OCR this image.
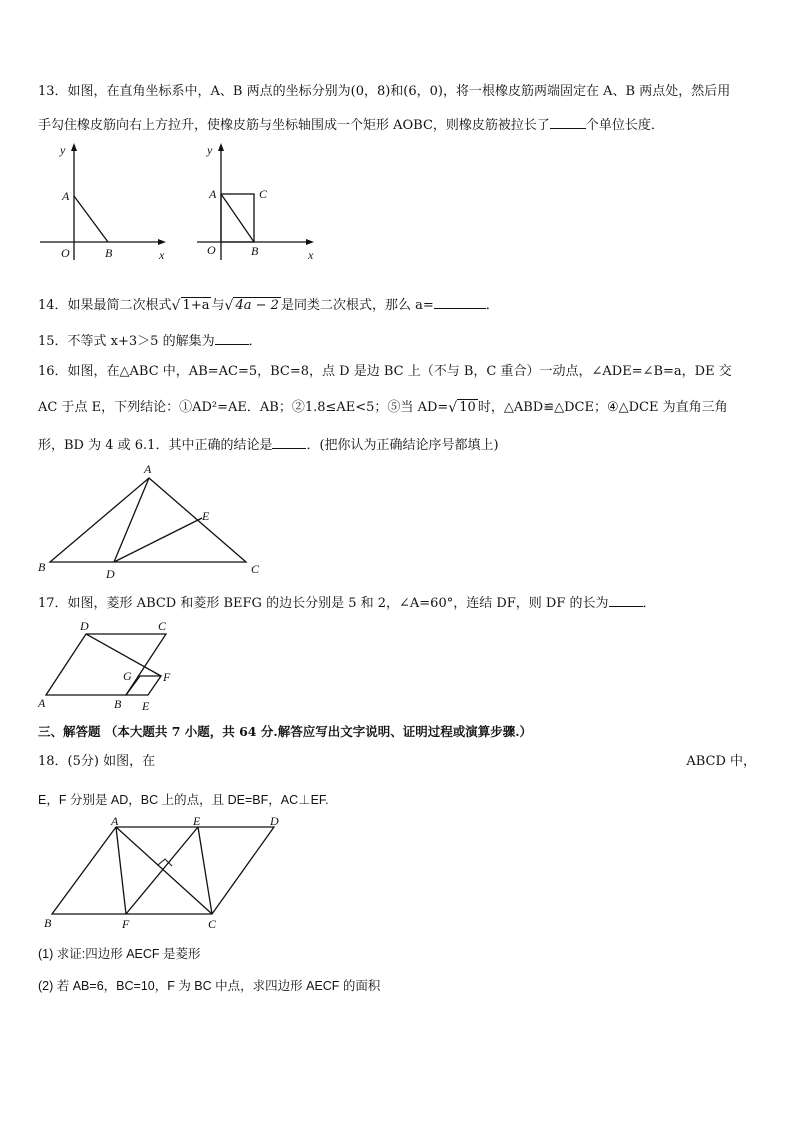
13．如图，在直角坐标系中，A、B 两点的坐标分别为(0，8)和(6，0)，将一根橡皮筋两端固定在 A、B 两点处，然后用
手勾住橡皮筋向右上方拉升，使橡皮筋与坐标轴围成一个矩形 AOBC，则橡皮筋被拉长了	个单位长度．
y
A
O	B	x
y
A	C
O	B	x
14．如果最简二次根式 √ 1+a 与 √ 4a − 2 是同类二次根式，那么 a=	．
15．不等式 x+3＞5 的解集为	．
16．如图，在△ABC 中，AB=AC=5，BC=8，点 D 是边 BC 上（不与 B，C 重合）一动点，∠ADE=∠B=a，DE 交
AC 于点 E，下列结论：①AD²=AE．AB；②1.8≤AE<5；⑤当 AD= √ 10 时，△ABD≌△DCE；④△DCE 为直角三角
形，BD 为 4 或 6.1．其中正确的结论是	．(把你认为正确结论序号都填上)
A
B	C
D
E
17．如图，菱形 ABCD 和菱形 BEFG 的边长分别是 5 和 2，∠A=60°，连结 DF，则 DF 的长为	．
D	C
A	B E
G	F
三、解答题 （本大题共 7 小题，共 64 分.解答应写出文字说明、证明过程或演算步骤.）
18．(5分) 如图，在	ABCD 中，
E，F 分别是 AD，BC 上的点，且 DE=BF，AC⊥EF.
A	E	D
B	F	C
(1) 求证:四边形 AECF 是菱形
(2) 若 AB=6，BC=10，F 为 BC 中点，求四边形 AECF 的面积
